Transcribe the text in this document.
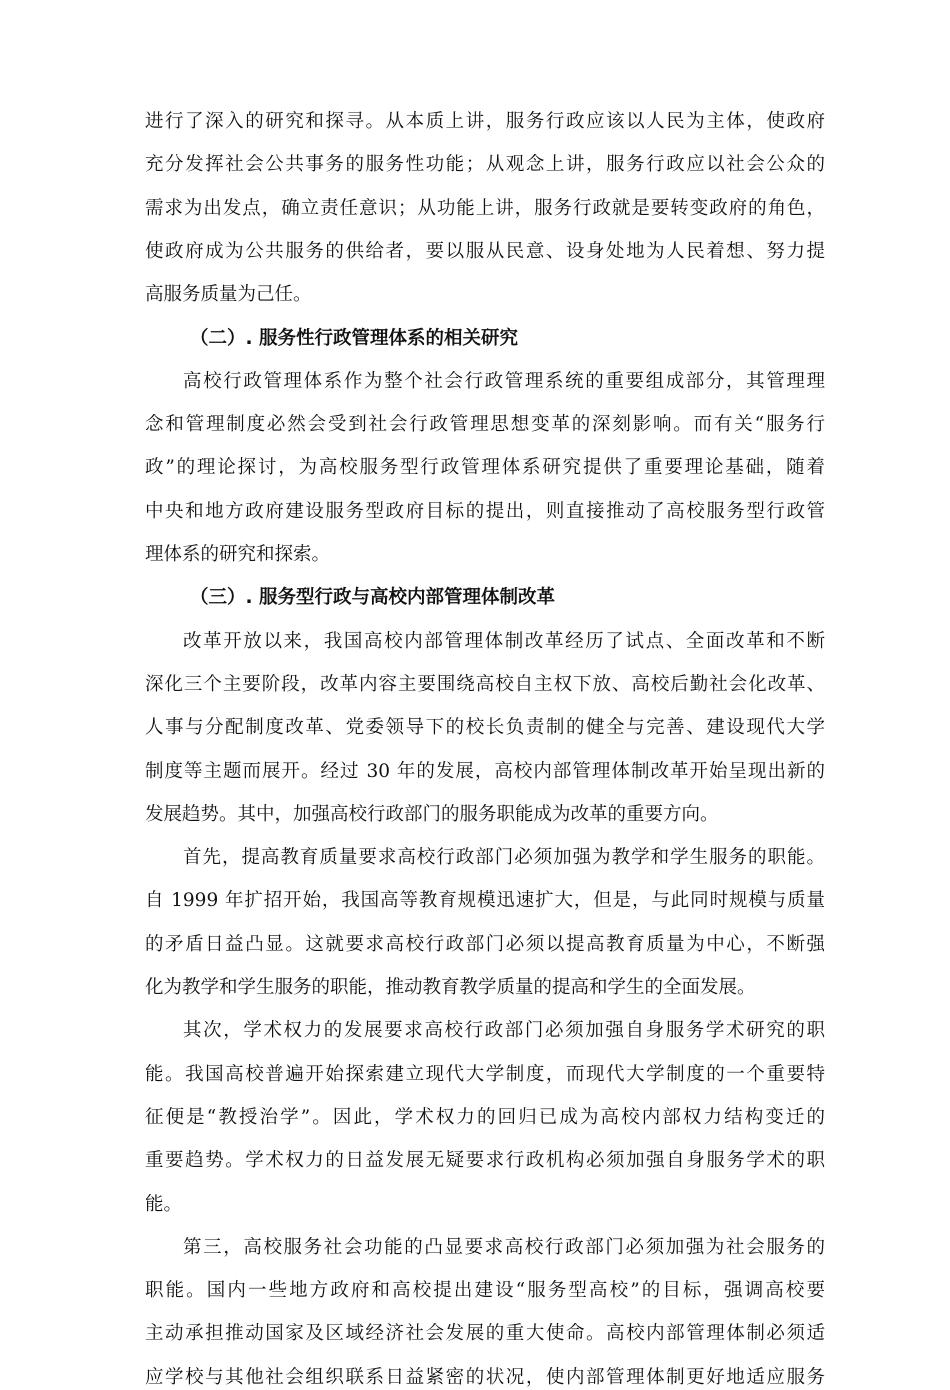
进行了深入的研究和探寻。从本质上讲，服务行政应该以人民为主体，使政府
充分发挥社会公共事务的服务性功能；从观念上讲，服务行政应以社会公众的
需求为出发点，确立责任意识；从功能上讲，服务行政就是要转变政府的角色，
使政府成为公共服务的供给者，要以服从民意、设身处地为人民着想、努力提
高服务质量为己任。
（二）. 服务性行政管理体系的相关研究
高校行政管理体系作为整个社会行政管理系统的重要组成部分，其管理理
念和管理制度必然会受到社会行政管理思想变革的深刻影响。而有关“服务行
政”的理论探讨，为高校服务型行政管理体系研究提供了重要理论基础，随着
中央和地方政府建设服务型政府目标的提出，则直接推动了高校服务型行政管
理体系的研究和探索。
（三）. 服务型行政与高校内部管理体制改革
改革开放以来，我国高校内部管理体制改革经历了试点、全面改革和不断
深化三个主要阶段，改革内容主要围绕高校自主权下放、高校后勤社会化改革、
人事与分配制度改革、党委领导下的校长负责制的健全与完善、建设现代大学
制度等主题而展开。经过 30 年的发展，高校内部管理体制改革开始呈现出新的
发展趋势。其中，加强高校行政部门的服务职能成为改革的重要方向。
首先，提高教育质量要求高校行政部门必须加强为教学和学生服务的职能。
自 1999 年扩招开始，我国高等教育规模迅速扩大，但是，与此同时规模与质量
的矛盾日益凸显。这就要求高校行政部门必须以提高教育质量为中心，不断强
化为教学和学生服务的职能，推动教育教学质量的提高和学生的全面发展。
其次，学术权力的发展要求高校行政部门必须加强自身服务学术研究的职
能。我国高校普遍开始探索建立现代大学制度，而现代大学制度的一个重要特
征便是“教授治学”。因此，学术权力的回归已成为高校内部权力结构变迁的
重要趋势。学术权力的日益发展无疑要求行政机构必须加强自身服务学术的职
能。
第三，高校服务社会功能的凸显要求高校行政部门必须加强为社会服务的
职能。国内一些地方政府和高校提出建设“服务型高校”的目标，强调高校要
主动承担推动国家及区域经济社会发展的重大使命。高校内部管理体制必须适
应学校与其他社会组织联系日益紧密的状况，使内部管理体制更好地适应服务
